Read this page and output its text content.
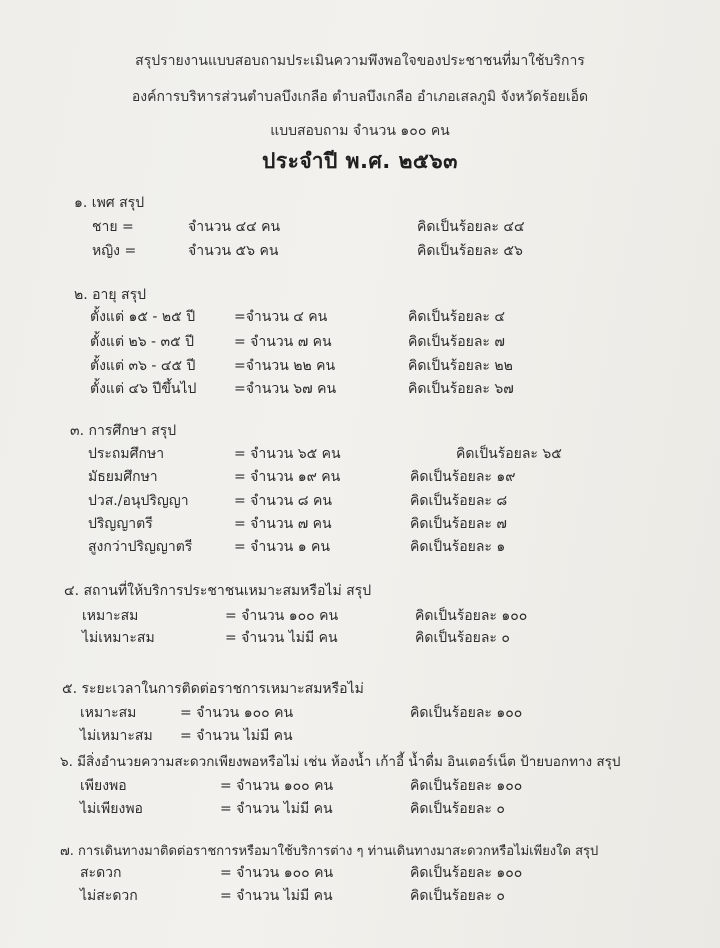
สรุปรายงานแบบสอบถามประเมินความพึงพอใจของประชาชนที่มาใช้บริการ
องค์การบริหารส่วนตำบลบึงเกลือ ตำบลบึงเกลือ อำเภอเสลภูมิ จังหวัดร้อยเอ็ด
แบบสอบถาม จำนวน ๑๐๐ คน
ประจำปี พ.ศ. ๒๕๖๓
๑. เพศ สรุป
ชาย =	จำนวน ๔๔ คน	คิดเป็นร้อยละ ๔๔
หญิง =	จำนวน ๕๖ คน	คิดเป็นร้อยละ ๕๖
๒. อายุ สรุป
ตั้งแต่ ๑๕ - ๒๕ ปี	=จำนวน ๔ คน	คิดเป็นร้อยละ ๔
ตั้งแต่ ๒๖ - ๓๕ ปี	= จำนวน ๗ คน	คิดเป็นร้อยละ ๗
ตั้งแต่ ๓๖ - ๔๕ ปี	=จำนวน ๒๒ คน	คิดเป็นร้อยละ ๒๒
ตั้งแต่ ๔๖ ปีขึ้นไป	=จำนวน ๖๗ คน	คิดเป็นร้อยละ ๖๗
๓. การศึกษา สรุป
ประถมศึกษา	= จำนวน ๖๕ คน	คิดเป็นร้อยละ ๖๕
มัธยมศึกษา	= จำนวน ๑๙ คน	คิดเป็นร้อยละ ๑๙
ปวส./อนุปริญญา	= จำนวน ๘ คน	คิดเป็นร้อยละ ๘
ปริญญาตรี	= จำนวน ๗ คน	คิดเป็นร้อยละ ๗
สูงกว่าปริญญาตรี	= จำนวน ๑ คน	คิดเป็นร้อยละ ๑
๔. สถานที่ให้บริการประชาชนเหมาะสมหรือไม่ สรุป
เหมาะสม	= จำนวน ๑๐๐ คน	คิดเป็นร้อยละ ๑๐๐
ไม่เหมาะสม	= จำนวน ไม่มี คน	คิดเป็นร้อยละ ๐
๕. ระยะเวลาในการติดต่อราชการเหมาะสมหรือไม่
เหมาะสม	= จำนวน ๑๐๐ คน	คิดเป็นร้อยละ ๑๐๐
ไม่เหมาะสม = จำนวน ไม่มี คน
๖. มีสิ่งอำนวยความสะดวกเพียงพอหรือไม่ เช่น ห้องน้ำ เก้าอี้ น้ำดื่ม อินเตอร์เน็ต ป้ายบอกทาง สรุป
เพียงพอ	= จำนวน ๑๐๐ คน	คิดเป็นร้อยละ ๑๐๐
ไม่เพียงพอ	= จำนวน ไม่มี คน	คิดเป็นร้อยละ ๐
๗. การเดินทางมาติดต่อราชการหรือมาใช้บริการต่าง ๆ ท่านเดินทางมาสะดวกหรือไม่เพียงใด สรุป
สะดวก	= จำนวน ๑๐๐ คน	คิดเป็นร้อยละ ๑๐๐
ไม่สะดวก	= จำนวน ไม่มี คน	คิดเป็นร้อยละ ๐
